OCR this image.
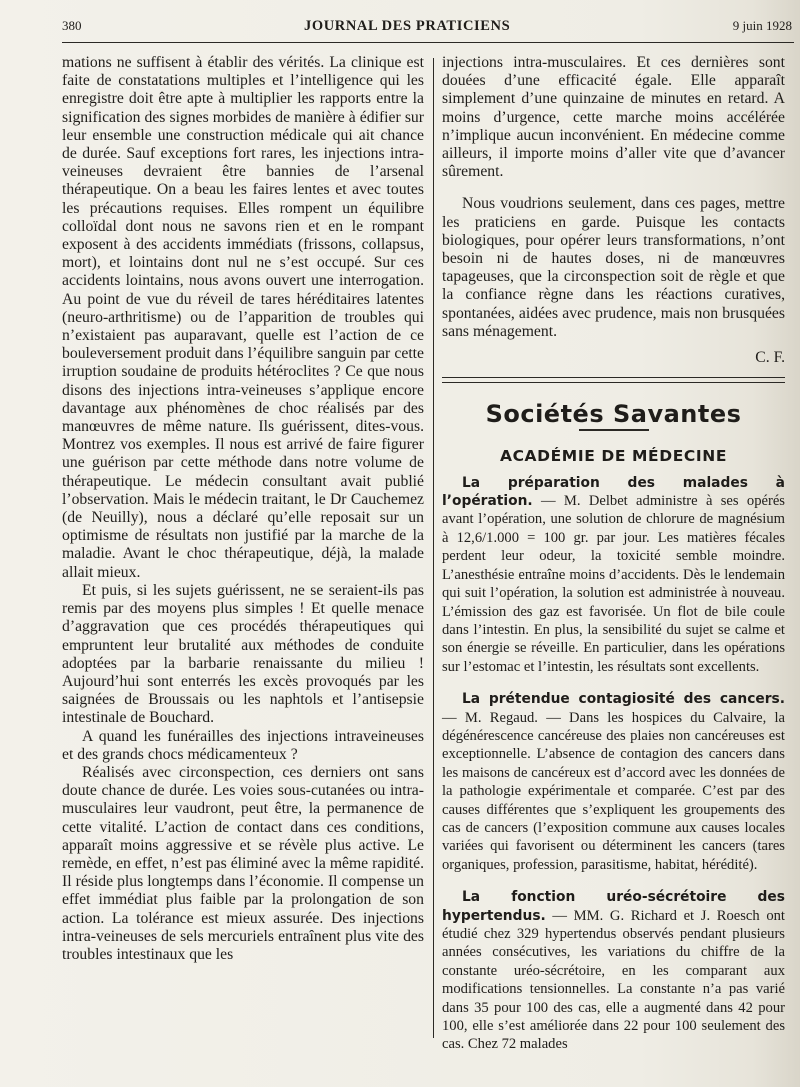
380	JOURNAL DES PRATICIENS	9 juin 1928

mations ne suffisent à établir des vérités. La clinique est faite de constatations multiples et l’intelligence qui les enregistre doit être apte à multiplier les rapports entre la signification des signes morbides de manière à édifier sur leur ensemble une construction médicale qui ait chance de durée. Sauf exceptions fort rares, les injections intra-veineuses devraient être bannies de l’arsenal thérapeutique. On a beau les faires lentes et avec toutes les précautions requises. Elles rompent un équilibre colloïdal dont nous ne savons rien et en le rompant exposent à des accidents immédiats (frissons, collapsus, mort), et lointains dont nul ne s’est occupé. Sur ces accidents lointains, nous avons ouvert une interrogation. Au point de vue du réveil de tares héréditaires latentes (neuro-arthritisme) ou de l’apparition de troubles qui n’existaient pas auparavant, quelle est l’action de ce bouleversement produit dans l’équilibre sanguin par cette irruption soudaine de produits hétéroclites ? Ce que nous disons des injections intra-veineuses s’applique encore davantage aux phénomènes de choc réalisés par des manœuvres de même nature. Ils guérissent, dites-vous. Montrez vos exemples. Il nous est arrivé de faire figurer une guérison par cette méthode dans notre volume de thérapeutique. Le médecin consultant avait publié l’observation. Mais le médecin traitant, le Dr Cauchemez (de Neuilly), nous a déclaré qu’elle reposait sur un optimisme de résultats non justifié par la marche de la maladie. Avant le choc thérapeutique, déjà, la malade allait mieux.

Et puis, si les sujets guérissent, ne se seraient-ils pas remis par des moyens plus simples ! Et quelle menace d’aggravation que ces procédés thérapeutiques qui empruntent leur brutalité aux méthodes de conduite adoptées par la barbarie renaissante du milieu ! Aujourd’hui sont enterrés les excès provoqués par les saignées de Broussais ou les naphtols et l’antisepsie intestinale de Bouchard.

A quand les funérailles des injections intraveineuses et des grands chocs médicamenteux ?

Réalisés avec circonspection, ces derniers ont sans doute chance de durée. Les voies sous-cutanées ou intra-musculaires leur vaudront, peut être, la permanence de cette vitalité. L’action de contact dans ces conditions, apparaît moins aggressive et se révèle plus active. Le remède, en effet, n’est pas éliminé avec la même rapidité. Il réside plus longtemps dans l’économie. Il compense un effet immédiat plus faible par la prolongation de son action. La tolérance est mieux assurée. Des injections intra-veineuses de sels mercuriels entraînent plus vite des troubles intestinaux que les

injections intra-musculaires. Et ces dernières sont douées d’une efficacité égale. Elle apparaît simplement d’une quinzaine de minutes en retard. A moins d’urgence, cette marche moins accélérée n’implique aucun inconvénient. En médecine comme ailleurs, il importe moins d’aller vite que d’avancer sûrement.

Nous voudrions seulement, dans ces pages, mettre les praticiens en garde. Puisque les contacts biologiques, pour opérer leurs transformations, n’ont besoin ni de hautes doses, ni de manœuvres tapageuses, que la circonspection soit de règle et que la confiance règne dans les réactions curatives, spontanées, aidées avec prudence, mais non brusquées sans ménagement.

C. F.

Sociétés Savantes
ACADÉMIE DE MÉDECINE

La préparation des malades à l’opération. — M. Delbet administre à ses opérés avant l’opération, une solution de chlorure de magnésium à 12,6/1.000 = 100 gr. par jour. Les matières fécales perdent leur odeur, la toxicité semble moindre. L’anesthésie entraîne moins d’accidents. Dès le lendemain qui suit l’opération, la solution est administrée à nouveau. L’émission des gaz est favorisée. Un flot de bile coule dans l’intestin. En plus, la sensibilité du sujet se calme et son énergie se réveille. En particulier, dans les opérations sur l’estomac et l’intestin, les résultats sont excellents.

La prétendue contagiosité des cancers. — M. Regaud. — Dans les hospices du Calvaire, la dégénérescence cancéreuse des plaies non cancéreuses est exceptionnelle. L’absence de contagion des cancers dans les maisons de cancéreux est d’accord avec les données de la pathologie expérimentale et comparée. C’est par des causes différentes que s’expliquent les groupements des cas de cancers (l’exposition commune aux causes locales variées qui favorisent ou déterminent les cancers (tares organiques, profession, parasitisme, habitat, hérédité).

La fonction uréo-sécrétoire des hypertendus. — MM. G. Richard et J. Roesch ont étudié chez 329 hypertendus observés pendant plusieurs années consécutives, les variations du chiffre de la constante uréo-sécrétoire, en les comparant aux modifications tensionnelles. La constante n’a pas varié dans 35 pour 100 des cas, elle a augmenté dans 42 pour 100, elle s’est améliorée dans 22 pour 100 seulement des cas. Chez 72 malades
